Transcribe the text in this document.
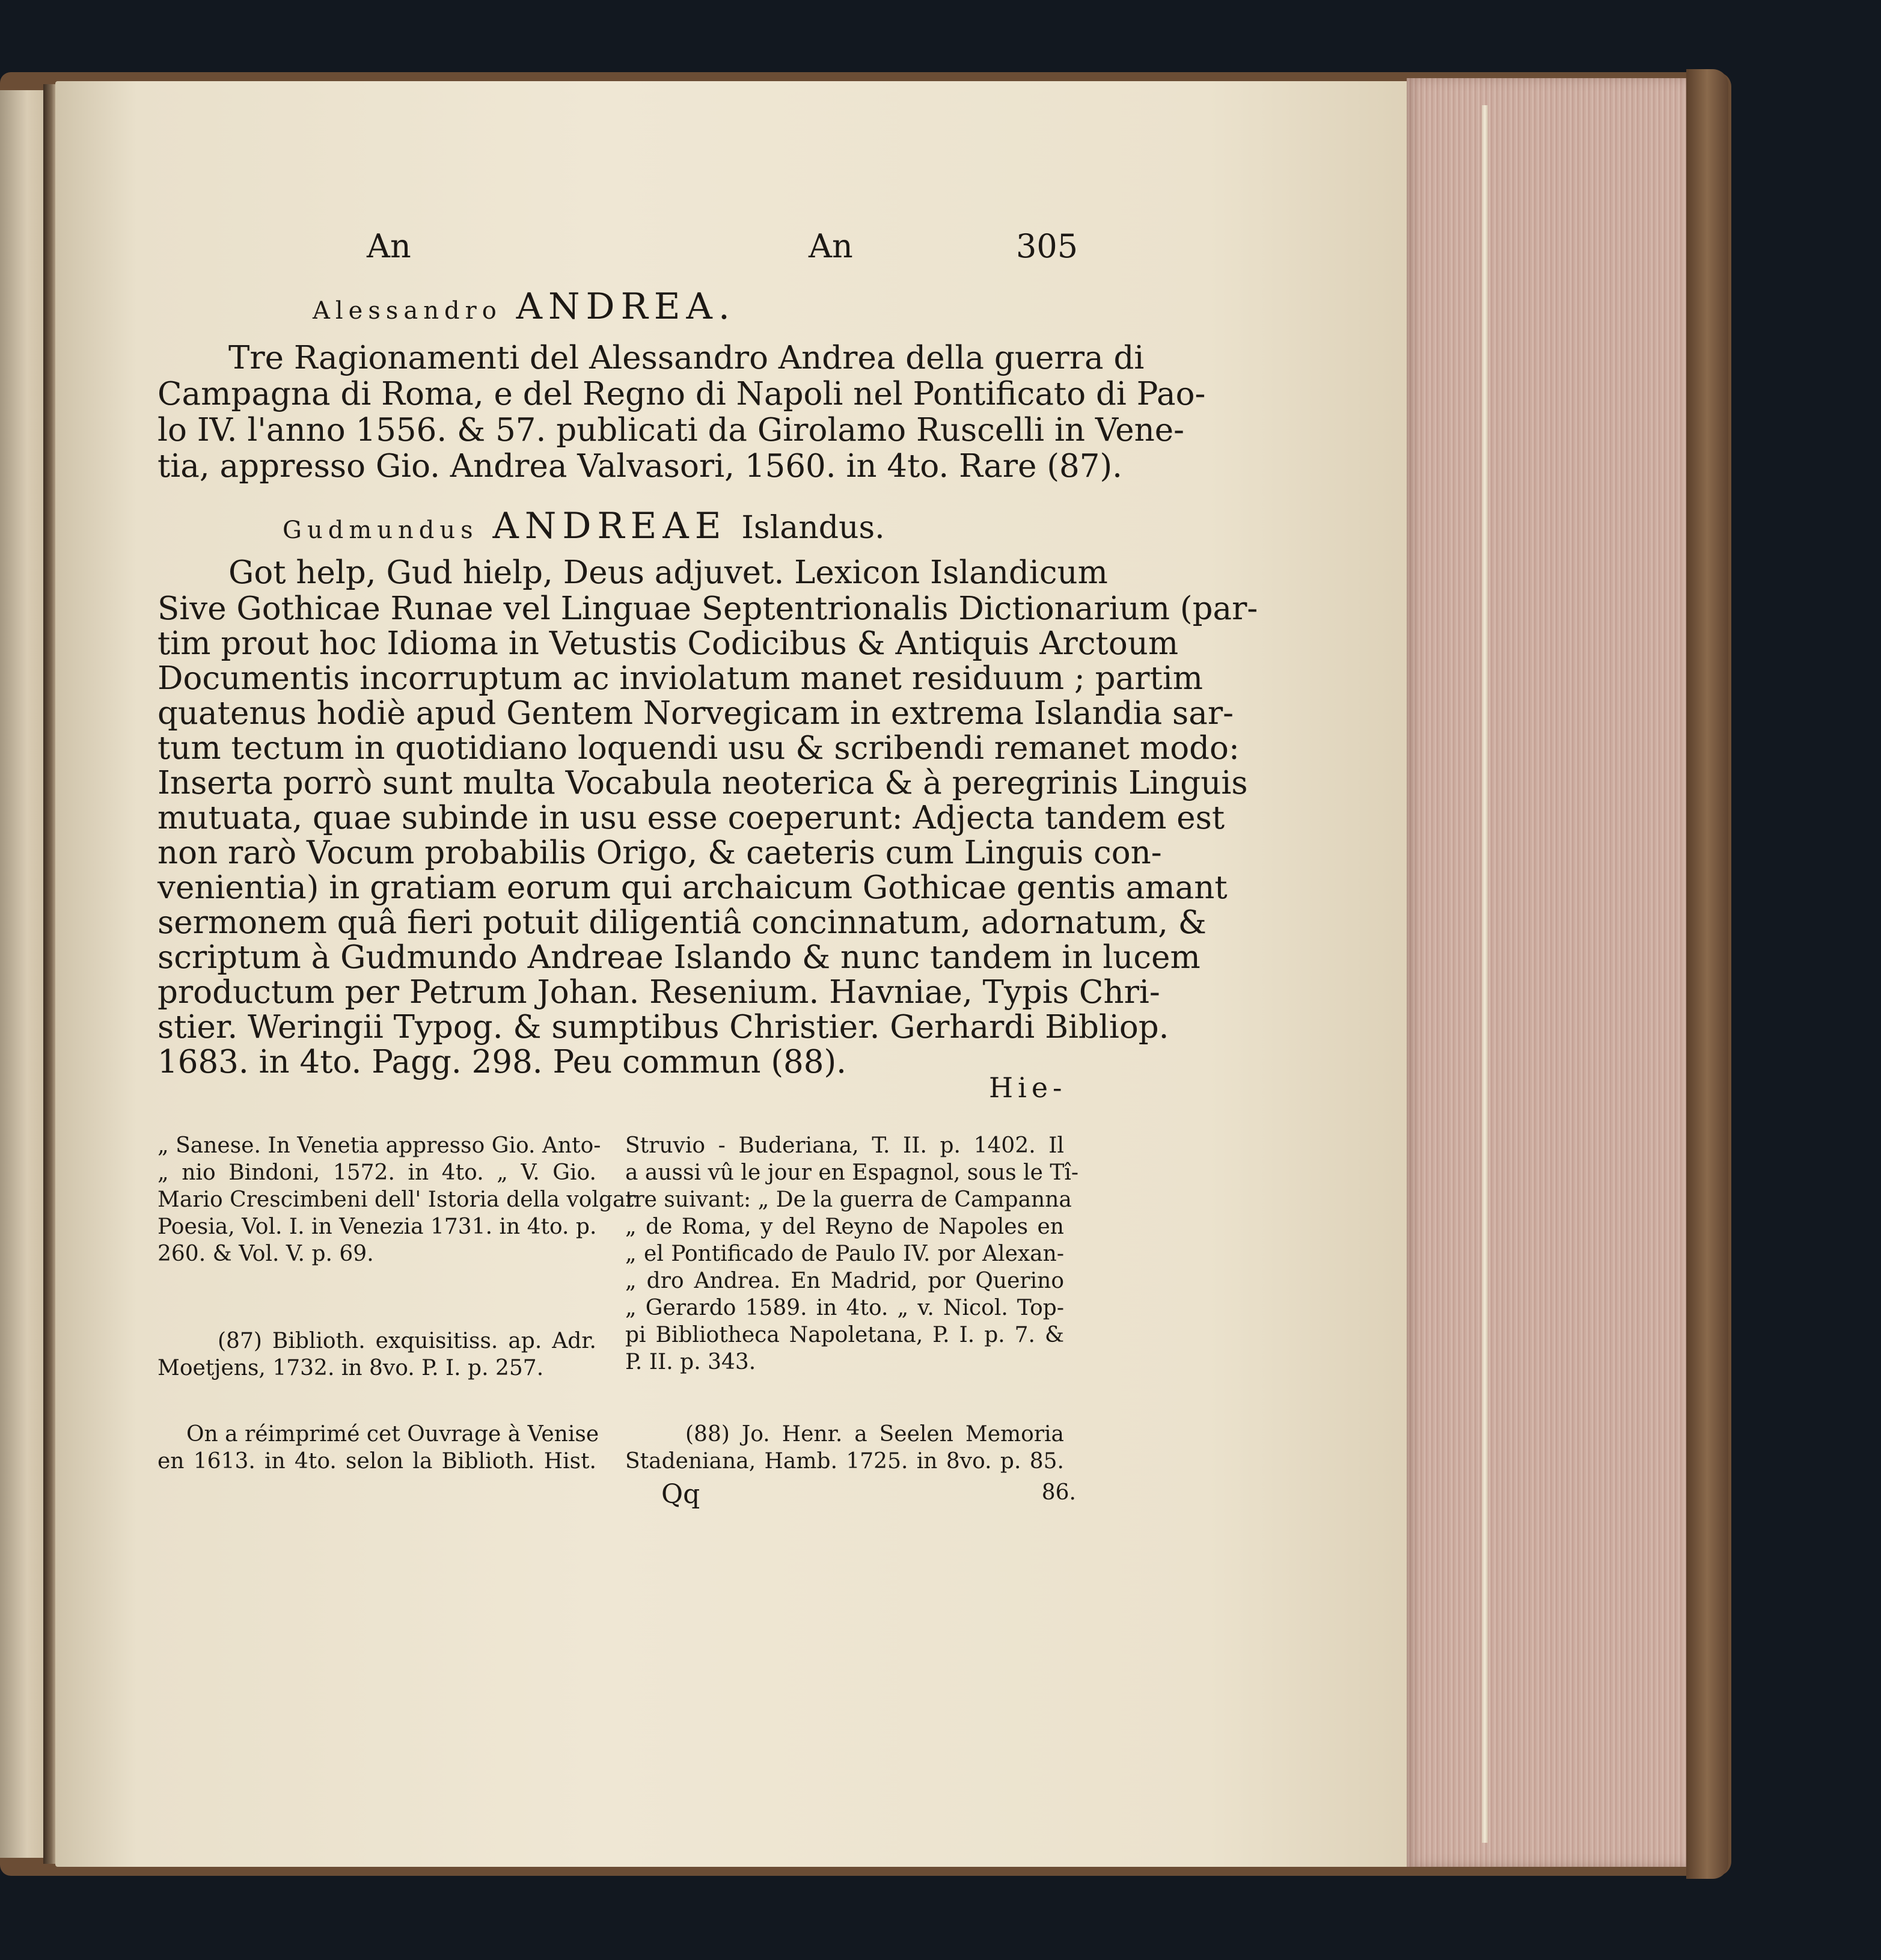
An	An	305
Alessandro ANDREA.
Tre Ragionamenti del Alessandro Andrea della guerra di
Campagna di Roma, e del Regno di Napoli nel Pontificato di Pao-
lo IV. l'anno 1556. & 57. publicati da Girolamo Ruscelli in Vene-
tia, appresso Gio. Andrea Valvasori, 1560. in 4to. Rare (87).
Gudmundus ANDREAE Islandus.
Got help, Gud hielp, Deus adjuvet. Lexicon Islandicum
Sive Gothicae Runae vel Linguae Septentrionalis Dictionarium (par-
tim prout hoc Idioma in Vetustis Codicibus & Antiquis Arctoum
Documentis incorruptum ac inviolatum manet residuum ; partim
quatenus hodiè apud Gentem Norvegicam in extrema Islandia sar-
tum tectum in quotidiano loquendi usu & scribendi remanet modo:
Inserta porrò sunt multa Vocabula neoterica & à peregrinis Linguis
mutuata, quae subinde in usu esse coeperunt: Adjecta tandem est
non rarò Vocum probabilis Origo, & caeteris cum Linguis con-
venientia) in gratiam eorum qui archaicum Gothicae gentis amant
sermonem quâ fieri potuit diligentiâ concinnatum, adornatum, &
scriptum à Gudmundo Andreae Islando & nunc tandem in lucem
productum per Petrum Johan. Resenium. Havniae, Typis Chri-
stier. Weringii Typog. & sumptibus Christier. Gerhardi Bibliop.
1683. in 4to. Pagg. 298. Peu commun (88).
Hie-
„ Sanese. In Venetia appresso Gio. Anto-
„ nio Bindoni, 1572. in 4to. „ V. Gio.
Mario Crescimbeni dell' Istoria della volgar
Poesia, Vol. I. in Venezia 1731. in 4to. p.
260. & Vol. V. p. 69.
(87) Biblioth. exquisitiss. ap. Adr.
Moetjens, 1732. in 8vo. P. I. p. 257.
On a réimprimé cet Ouvrage à Venise
en 1613. in 4to. selon la Biblioth. Hist.
Struvio - Buderiana, T. II. p. 1402. Il
a aussi vû le jour en Espagnol, sous le Tî-
tre suivant: „ De la guerra de Campanna
„ de Roma, y del Reyno de Napoles en
„ el Pontificado de Paulo IV. por Alexan-
„ dro Andrea. En Madrid, por Querino
„ Gerardo 1589. in 4to. „ v. Nicol. Top-
pi Bibliotheca Napoletana, P. I. p. 7. &
P. II. p. 343.
(88) Jo. Henr. a Seelen Memoria
Stadeniana, Hamb. 1725. in 8vo. p. 85.
Qq	86.
